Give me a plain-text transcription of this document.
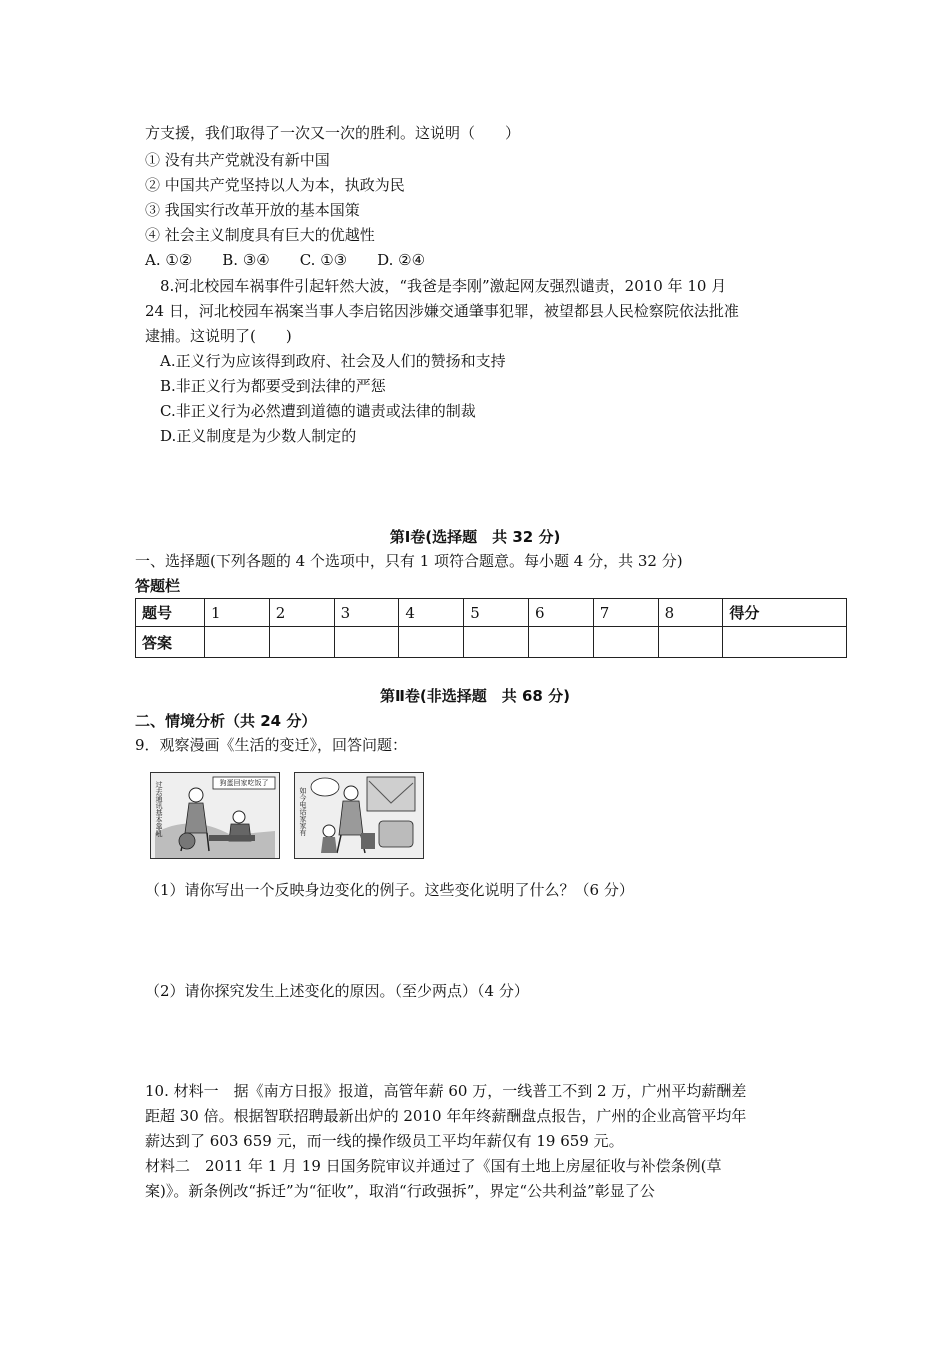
方支援，我们取得了一次又一次的胜利。这说明（　　）
① 没有共产党就没有新中国
② 中国共产党坚持以人为本，执政为民
③ 我国实行改革开放的基本国策
④ 社会主义制度具有巨大的优越性
A. ①②　　B. ③④　　C. ①③　　D. ②④
8.河北校园车祸事件引起轩然大波，“我爸是李刚”激起网友强烈谴责，2010 年 10 月
24 日，河北校园车祸案当事人李启铭因涉嫌交通肇事犯罪，被望都县人民检察院依法批准
逮捕。这说明了(　　)
A.正义行为应该得到政府、社会及人们的赞扬和支持
B.非正义行为都要受到法律的严惩
C.非正义行为必然遭到道德的谴责或法律的制裁
D.正义制度是为少数人制定的
第Ⅰ卷(选择题　共 32 分)
一、选择题(下列各题的 4 个选项中，只有 1 项符合题意。每小题 4 分，共 32 分)
答题栏
题号	1	2	3	4	5	6	7	8	得分
答案									
第Ⅱ卷(非选择题　共 68 分)
二、情境分析（共 24 分）
9．观察漫画《生活的变迁》，回答问题：
狗蛋回家吃饭了
过去通讯基本靠吼	如今电话家家有
（1）请你写出一个反映身边变化的例子。这些变化说明了什么？（6 分）
（2）请你探究发生上述变化的原因。（至少两点）（4 分）
10. 材料一　据《南方日报》报道，高管年薪 60 万，一线普工不到 2 万，广州平均薪酬差
距超 30 倍。根据智联招聘最新出炉的 2010 年年终薪酬盘点报告，广州的企业高管平均年
薪达到了 603 659 元，而一线的操作级员工平均年薪仅有 19 659 元。
材料二　2011 年 1 月 19 日国务院审议并通过了《国有土地上房屋征收与补偿条例(草
案)》。新条例改“拆迁”为“征收”，取消“行政强拆”，界定“公共利益”彰显了公
